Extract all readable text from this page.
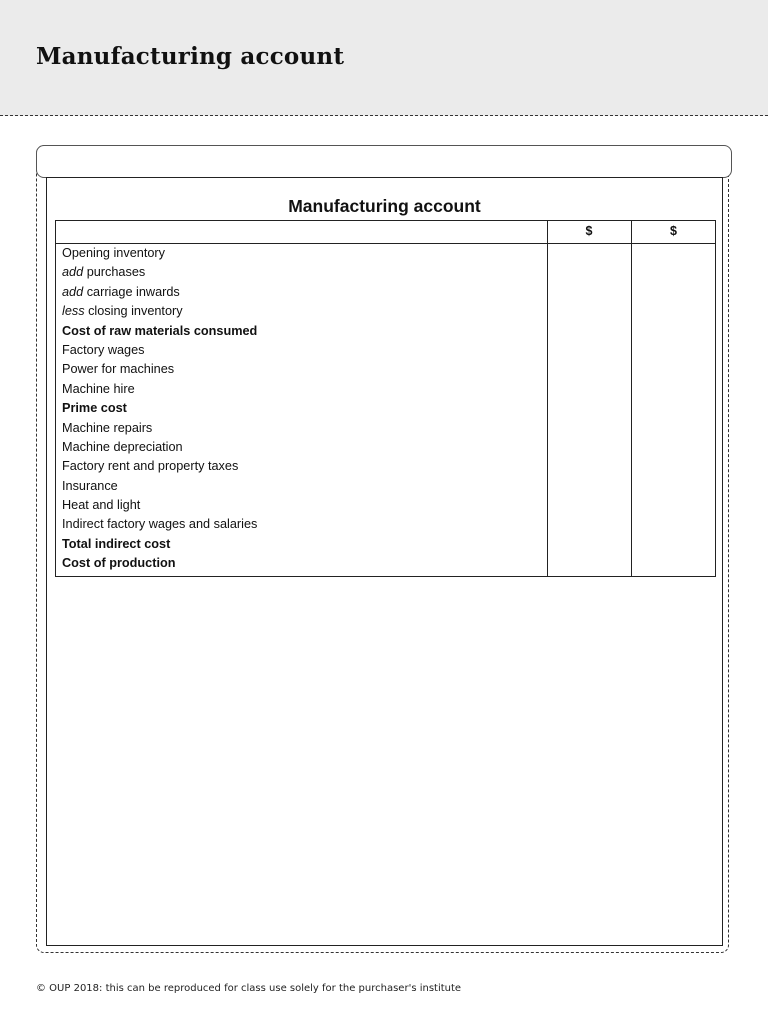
Manufacturing account
Manufacturing account
$	$
Opening inventory
add purchases
add carriage inwards
less closing inventory
Cost of raw materials consumed
Factory wages
Power for machines
Machine hire
Prime cost
Machine repairs
Machine depreciation
Factory rent and property taxes
Insurance
Heat and light
Indirect factory wages and salaries
Total indirect cost
Cost of production
© OUP 2018: this can be reproduced for class use solely for the purchaser's institute
